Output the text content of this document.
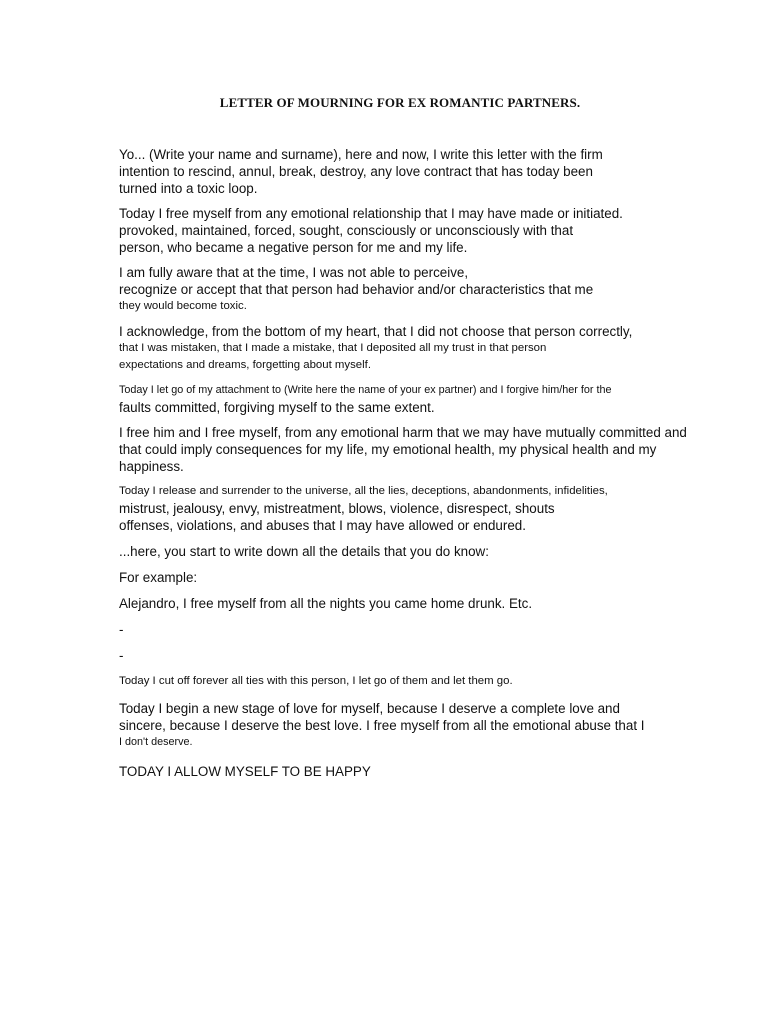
LETTER OF MOURNING FOR EX ROMANTIC PARTNERS.
Yo... (Write your name and surname), here and now, I write this letter with the firm
intention to rescind, annul, break, destroy, any love contract that has today been
turned into a toxic loop.
Today I free myself from any emotional relationship that I may have made or initiated.
provoked, maintained, forced, sought, consciously or unconsciously with that
person, who became a negative person for me and my life.
I am fully aware that at the time, I was not able to perceive,
recognize or accept that that person had behavior and/or characteristics that me
they would become toxic.
I acknowledge, from the bottom of my heart, that I did not choose that person correctly,
that I was mistaken, that I made a mistake, that I deposited all my trust in that person
expectations and dreams, forgetting about myself.
Today I let go of my attachment to (Write here the name of your ex partner) and I forgive him/her for the
faults committed, forgiving myself to the same extent.
I free him and I free myself, from any emotional harm that we may have mutually committed and
that could imply consequences for my life, my emotional health, my physical health and my
happiness.
Today I release and surrender to the universe, all the lies, deceptions, abandonments, infidelities,
mistrust, jealousy, envy, mistreatment, blows, violence, disrespect, shouts
offenses, violations, and abuses that I may have allowed or endured.
...here, you start to write down all the details that you do know:
For example:
Alejandro, I free myself from all the nights you came home drunk. Etc.
-
-
Today I cut off forever all ties with this person, I let go of them and let them go.
Today I begin a new stage of love for myself, because I deserve a complete love and
sincere, because I deserve the best love. I free myself from all the emotional abuse that I
I don't deserve.
TODAY I ALLOW MYSELF TO BE HAPPY
